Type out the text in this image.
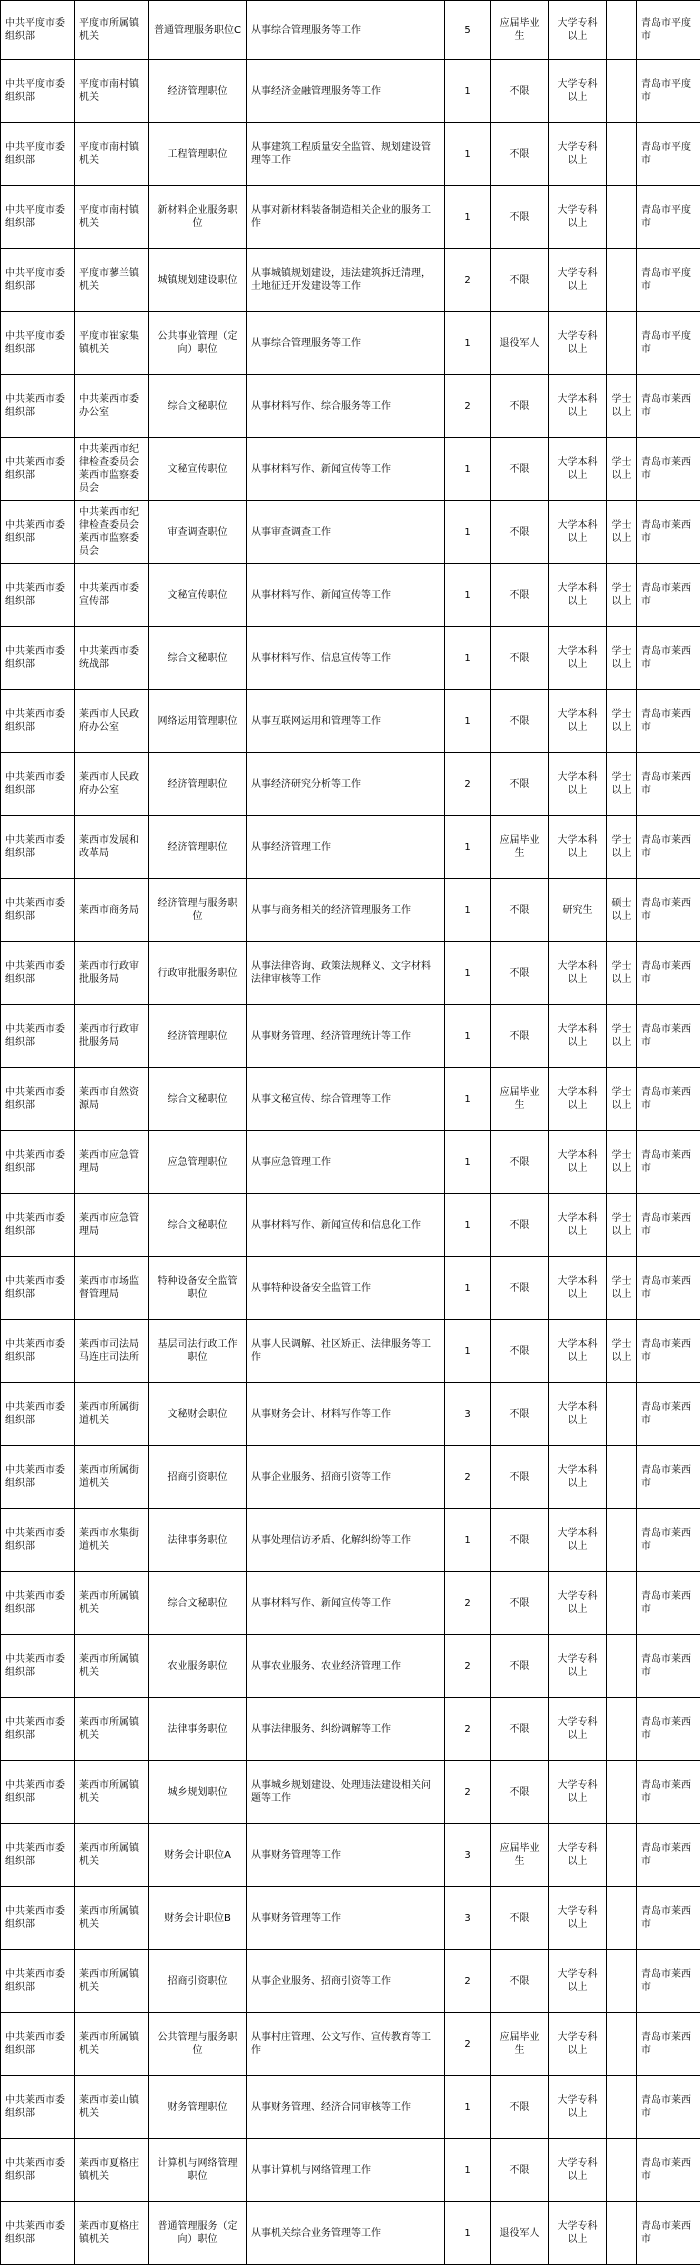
中共平度市委组织部	平度市所属镇机关	普通管理服务职位C	从事综合管理服务等工作	5	应届毕业生	大学专科以上		青岛市平度市
中共平度市委组织部	平度市南村镇机关	经济管理职位	从事经济金融管理服务等工作	1	不限	大学专科以上		青岛市平度市
中共平度市委组织部	平度市南村镇机关	工程管理职位	从事建筑工程质量安全监管、规划建设管理等工作	1	不限	大学专科以上		青岛市平度市
中共平度市委组织部	平度市南村镇机关	新材料企业服务职位	从事对新材料装备制造相关企业的服务工作	1	不限	大学专科以上		青岛市平度市
中共平度市委组织部	平度市蓼兰镇机关	城镇规划建设职位	从事城镇规划建设，违法建筑拆迁清理，土地征迁开发建设等工作	2	不限	大学专科以上		青岛市平度市
中共平度市委组织部	平度市崔家集镇机关	公共事业管理（定向）职位	从事综合管理服务等工作	1	退役军人	大学专科以上		青岛市平度市
中共莱西市委组织部	中共莱西市委办公室	综合文秘职位	从事材料写作、综合服务等工作	2	不限	大学本科以上	学士以上	青岛市莱西市
中共莱西市委组织部	中共莱西市纪律检查委员会莱西市监察委员会	文秘宣传职位	从事材料写作、新闻宣传等工作	1	不限	大学本科以上	学士以上	青岛市莱西市
中共莱西市委组织部	中共莱西市纪律检查委员会莱西市监察委员会	审查调查职位	从事审查调查工作	1	不限	大学本科以上	学士以上	青岛市莱西市
中共莱西市委组织部	中共莱西市委宣传部	文秘宣传职位	从事材料写作、新闻宣传等工作	1	不限	大学本科以上	学士以上	青岛市莱西市
中共莱西市委组织部	中共莱西市委统战部	综合文秘职位	从事材料写作、信息宣传等工作	1	不限	大学本科以上	学士以上	青岛市莱西市
中共莱西市委组织部	莱西市人民政府办公室	网络运用管理职位	从事互联网运用和管理等工作	1	不限	大学本科以上	学士以上	青岛市莱西市
中共莱西市委组织部	莱西市人民政府办公室	经济管理职位	从事经济研究分析等工作	2	不限	大学本科以上	学士以上	青岛市莱西市
中共莱西市委组织部	莱西市发展和改革局	经济管理职位	从事经济管理工作	1	应届毕业生	大学本科以上	学士以上	青岛市莱西市
中共莱西市委组织部	莱西市商务局	经济管理与服务职位	从事与商务相关的经济管理服务工作	1	不限	研究生	硕士以上	青岛市莱西市
中共莱西市委组织部	莱西市行政审批服务局	行政审批服务职位	从事法律咨询、政策法规释义、文字材料法律审核等工作	1	不限	大学本科以上	学士以上	青岛市莱西市
中共莱西市委组织部	莱西市行政审批服务局	经济管理职位	从事财务管理、经济管理统计等工作	1	不限	大学本科以上	学士以上	青岛市莱西市
中共莱西市委组织部	莱西市自然资源局	综合文秘职位	从事文秘宣传、综合管理等工作	1	应届毕业生	大学本科以上	学士以上	青岛市莱西市
中共莱西市委组织部	莱西市应急管理局	应急管理职位	从事应急管理工作	1	不限	大学本科以上	学士以上	青岛市莱西市
中共莱西市委组织部	莱西市应急管理局	综合文秘职位	从事材料写作、新闻宣传和信息化工作	1	不限	大学本科以上	学士以上	青岛市莱西市
中共莱西市委组织部	莱西市市场监督管理局	特种设备安全监管职位	从事特种设备安全监管工作	1	不限	大学本科以上	学士以上	青岛市莱西市
中共莱西市委组织部	莱西市司法局马连庄司法所	基层司法行政工作职位	从事人民调解、社区矫正、法律服务等工作	1	不限	大学本科以上	学士以上	青岛市莱西市
中共莱西市委组织部	莱西市所属街道机关	文秘财会职位	从事财务会计、材料写作等工作	3	不限	大学本科以上		青岛市莱西市
中共莱西市委组织部	莱西市所属街道机关	招商引资职位	从事企业服务、招商引资等工作	2	不限	大学本科以上		青岛市莱西市
中共莱西市委组织部	莱西市水集街道机关	法律事务职位	从事处理信访矛盾、化解纠纷等工作	1	不限	大学本科以上		青岛市莱西市
中共莱西市委组织部	莱西市所属镇机关	综合文秘职位	从事材料写作、新闻宣传等工作	2	不限	大学专科以上		青岛市莱西市
中共莱西市委组织部	莱西市所属镇机关	农业服务职位	从事农业服务、农业经济管理工作	2	不限	大学专科以上		青岛市莱西市
中共莱西市委组织部	莱西市所属镇机关	法律事务职位	从事法律服务、纠纷调解等工作	2	不限	大学专科以上		青岛市莱西市
中共莱西市委组织部	莱西市所属镇机关	城乡规划职位	从事城乡规划建设、处理违法建设相关问题等工作	2	不限	大学专科以上		青岛市莱西市
中共莱西市委组织部	莱西市所属镇机关	财务会计职位A	从事财务管理等工作	3	应届毕业生	大学专科以上		青岛市莱西市
中共莱西市委组织部	莱西市所属镇机关	财务会计职位B	从事财务管理等工作	3	不限	大学专科以上		青岛市莱西市
中共莱西市委组织部	莱西市所属镇机关	招商引资职位	从事企业服务、招商引资等工作	2	不限	大学专科以上		青岛市莱西市
中共莱西市委组织部	莱西市所属镇机关	公共管理与服务职位	从事村庄管理、公文写作、宣传教育等工作	2	应届毕业生	大学专科以上		青岛市莱西市
中共莱西市委组织部	莱西市姜山镇机关	财务管理职位	从事财务管理、经济合同审核等工作	1	不限	大学专科以上		青岛市莱西市
中共莱西市委组织部	莱西市夏格庄镇机关	计算机与网络管理职位	从事计算机与网络管理工作	1	不限	大学专科以上		青岛市莱西市
中共莱西市委组织部	莱西市夏格庄镇机关	普通管理服务（定向）职位	从事机关综合业务管理等工作	1	退役军人	大学专科以上		青岛市莱西市
